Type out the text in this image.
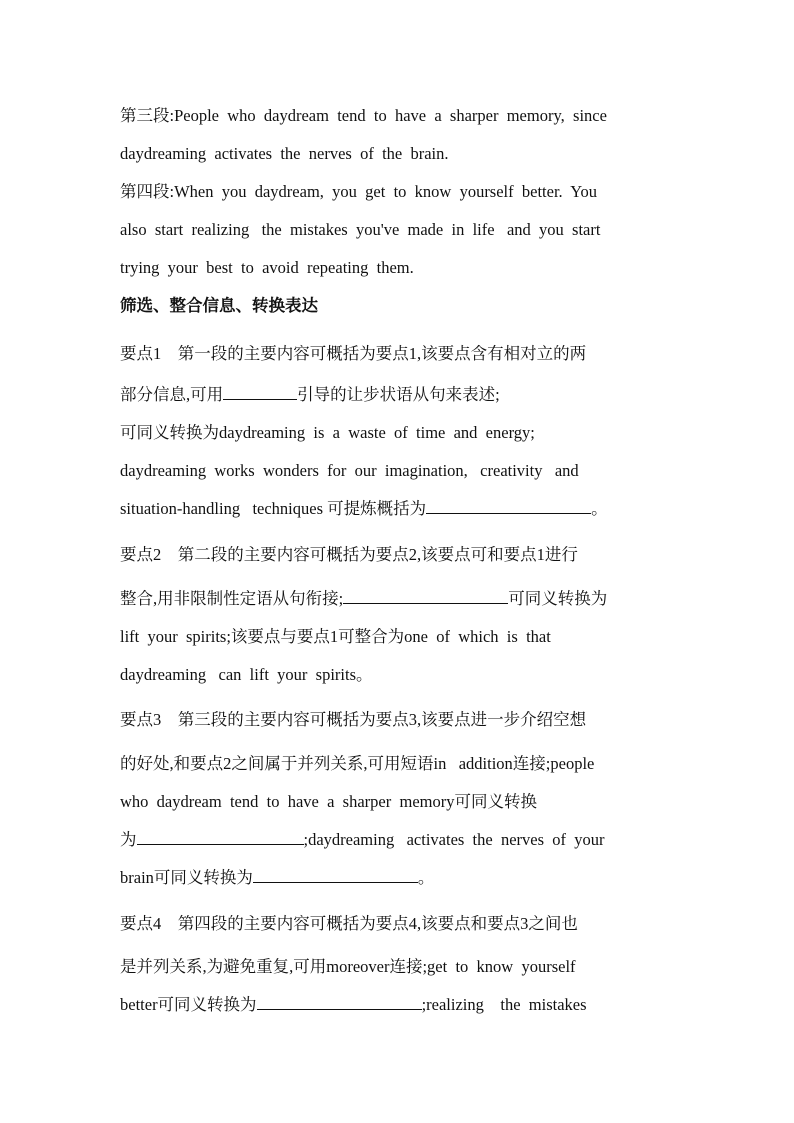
第三段:People  who  daydream  tend  to  have  a  sharper  memory,  since
daydreaming  activates  the  nerves  of  the  brain.
第四段:When  you  daydream,  you  get  to  know  yourself  better.  You
also  start  realizing   the  mistakes  you've  made  in  life   and  you  start
trying  your  best  to  avoid  repeating  them.
筛选、整合信息、转换表达
要点1    第一段的主要内容可概括为要点1,该要点含有相对立的两
部分信息,可用	引导的让步状语从句来表述;
可同义转换为daydreaming  is  a  waste  of  time  and  energy;
daydreaming  works  wonders  for  our  imagination,   creativity   and
situation-handling   techniques 可提炼概括为	。
要点2    第二段的主要内容可概括为要点2,该要点可和要点1进行
整合,用非限制性定语从句衔接;	可同义转换为
lift  your  spirits;该要点与要点1可整合为one  of  which  is  that
daydreaming   can  lift  your  spirits。
要点3    第三段的主要内容可概括为要点3,该要点进一步介绍空想
的好处,和要点2之间属于并列关系,可用短语in   addition连接;people
who  daydream  tend  to  have  a  sharper  memory可同义转换
为	;daydreaming   activates  the  nerves  of  your
brain可同义转换为	。
要点4    第四段的主要内容可概括为要点4,该要点和要点3之间也
是并列关系,为避免重复,可用moreover连接;get  to  know  yourself
better可同义转换为	;realizing    the  mistakes
